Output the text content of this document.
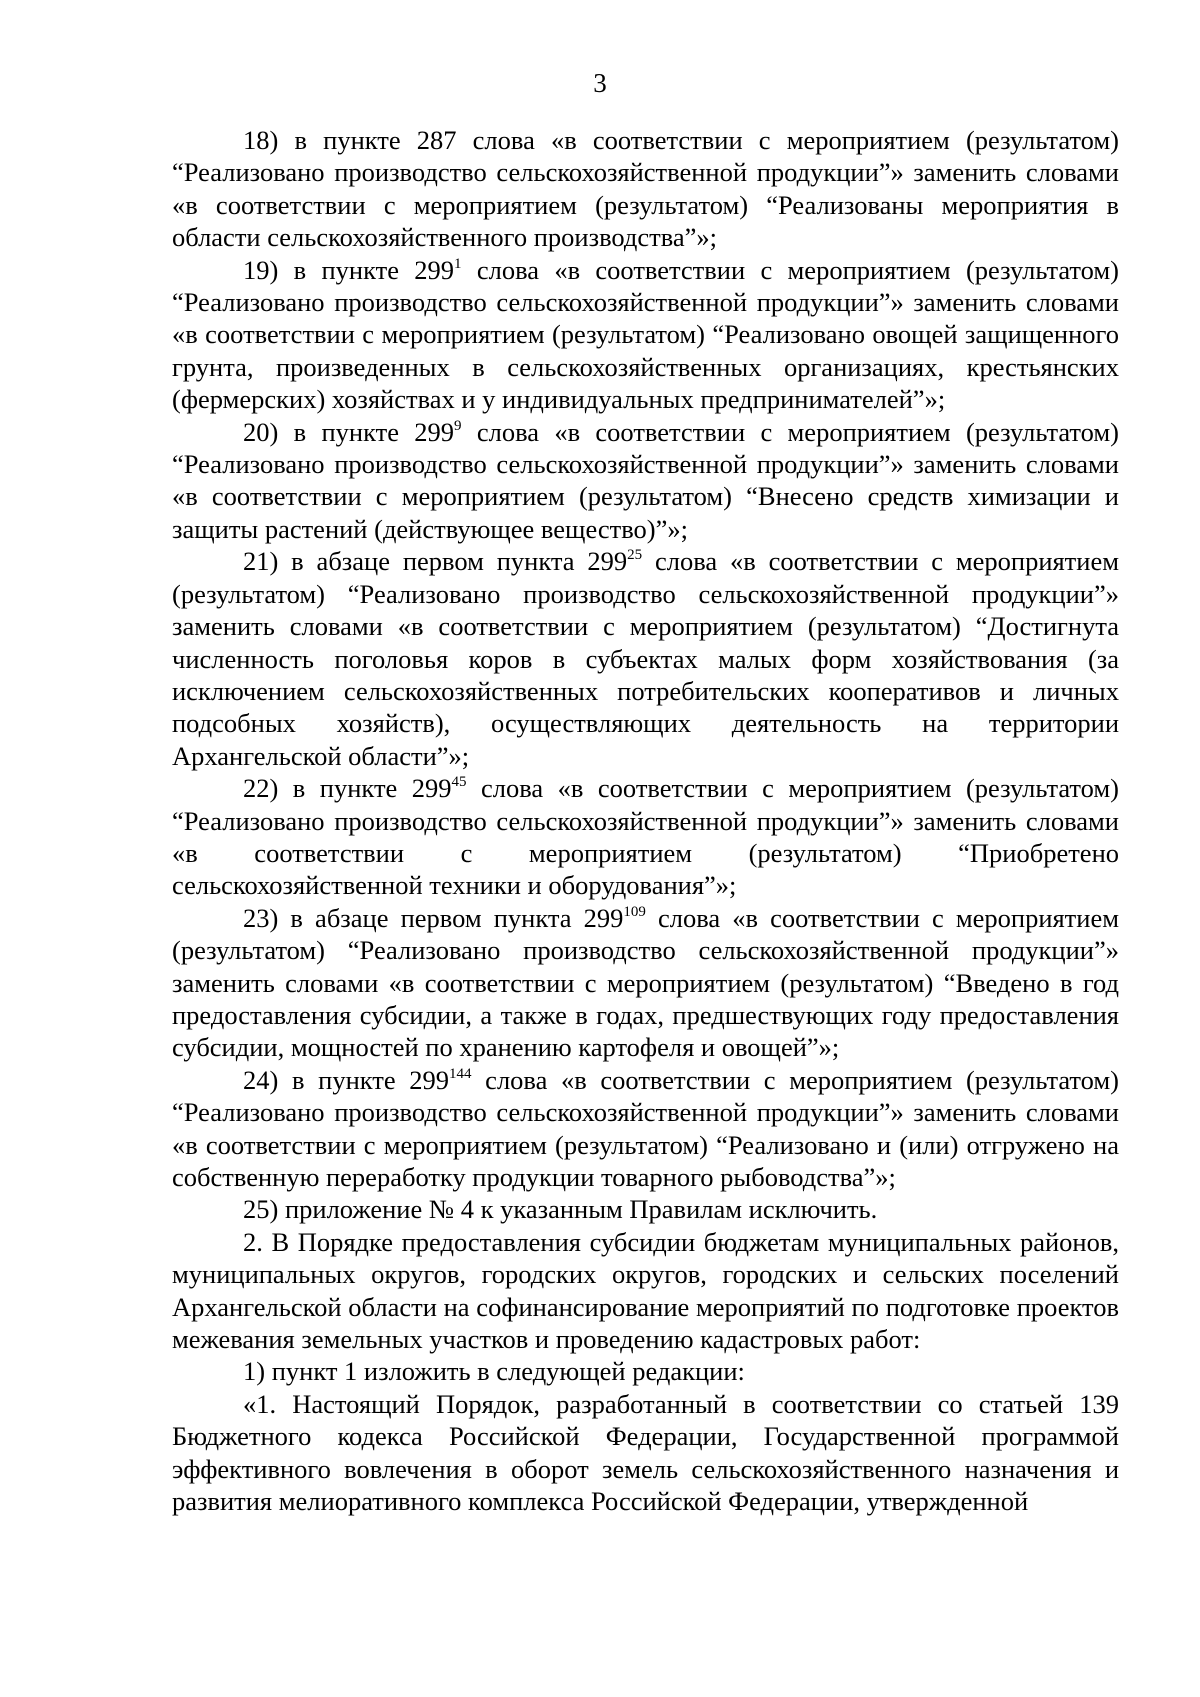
3

18) в пункте 287 слова «в соответствии с мероприятием (результатом) “Реализовано производство сельскохозяйственной продукции”» заменить словами «в соответствии с мероприятием (результатом) “Реализованы мероприятия в области сельскохозяйственного производства”»;

19) в пункте $299^1$ слова «в соответствии с мероприятием (результатом) “Реализовано производство сельскохозяйственной продукции”» заменить словами «в соответствии с мероприятием (результатом) “Реализовано овощей защищенного грунта, произведенных в сельскохозяйственных организациях, крестьянских (фермерских) хозяйствах и у индивидуальных предпринимателей”»;

20) в пункте $299^9$ слова «в соответствии с мероприятием (результатом) “Реализовано производство сельскохозяйственной продукции”» заменить словами «в соответствии с мероприятием (результатом) “Внесено средств химизации и защиты растений (действующее вещество)”»;

21) в абзаце первом пункта $299^{25}$ слова «в соответствии с мероприятием (результатом) “Реализовано производство сельскохозяйственной продукции”» заменить словами «в соответствии с мероприятием (результатом) “Достигнута численность поголовья коров в субъектах малых форм хозяйствования (за исключением сельскохозяйственных потребительских кооперативов и личных подсобных хозяйств), осуществляющих деятельность на территории Архангельской области”»;

22) в пункте $299^{45}$ слова «в соответствии с мероприятием (результатом) “Реализовано производство сельскохозяйственной продукции”» заменить словами «в соответствии с мероприятием (результатом) “Приобретено сельскохозяйственной техники и оборудования”»;

23) в абзаце первом пункта $299^{109}$ слова «в соответствии с мероприятием (результатом) “Реализовано производство сельскохозяйственной продукции”» заменить словами «в соответствии с мероприятием (результатом) “Введено в год предоставления субсидии, а также в годах, предшествующих году предоставления субсидии, мощностей по хранению картофеля и овощей”»;

24) в пункте $299^{144}$ слова «в соответствии с мероприятием (результатом) “Реализовано производство сельскохозяйственной продукции”» заменить словами «в соответствии с мероприятием (результатом) “Реализовано и (или) отгружено на собственную переработку продукции товарного рыбоводства”»;

25) приложение № 4 к указанным Правилам исключить.

2. В Порядке предоставления субсидии бюджетам муниципальных районов, муниципальных округов, городских округов, городских и сельских поселений Архангельской области на софинансирование мероприятий по подготовке проектов межевания земельных участков и проведению кадастровых работ:

1) пункт 1 изложить в следующей редакции:

«1. Настоящий Порядок, разработанный в соответствии со статьей 139 Бюджетного кодекса Российской Федерации, Государственной программой эффективного вовлечения в оборот земель сельскохозяйственного назначения и развития мелиоративного комплекса Российской Федерации, утвержденной
